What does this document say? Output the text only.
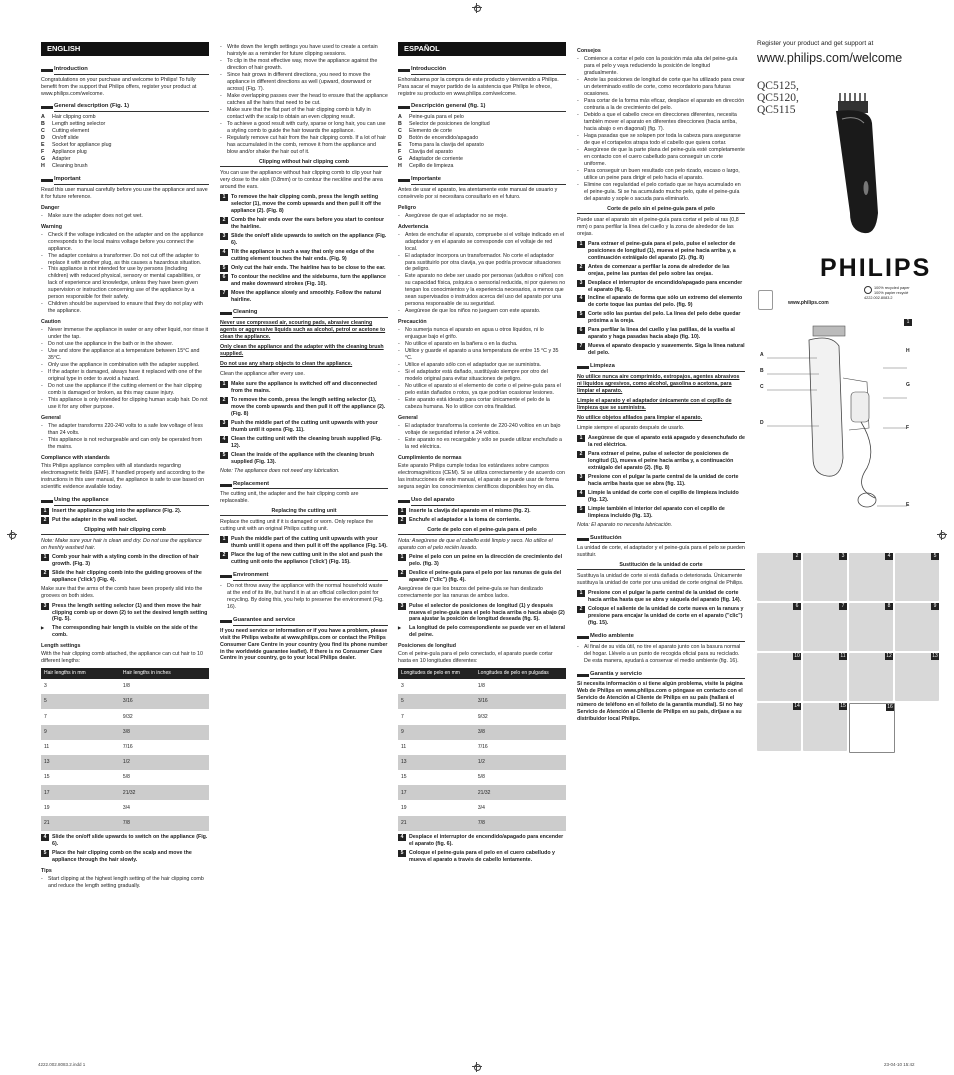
ENGLISH
Introduction
Congratulations on your purchase and welcome to Philips! To fully benefit from the support that Philips offers, register your product at www.philips.com/welcome.
General description (Fig. 1)
A	Hair clipping comb
B	Length setting selector
C	Cutting element
D	On/off slide
E	Socket for appliance plug
F	Appliance plug
G	Adapter
H	Cleaning brush
Important
Read this user manual carefully before you use the appliance and save it for future reference.
Danger
- Make sure the adapter does not get wet.
Warning
- Check if the voltage indicated on the adapter and on the appliance corresponds to the local mains voltage before you connect the appliance.
- The adapter contains a transformer. Do not cut off the adapter to replace it with another plug, as this causes a hazardous situation.
- This appliance is not intended for use by persons (including children) with reduced physical, sensory or mental capabilities, or lack of experience and knowledge, unless they have been given supervision or instruction concerning use of the appliance by a person responsible for their safety.
- Children should be supervised to ensure that they do not play with the appliance.
Caution
- Never immerse the appliance in water or any other liquid, nor rinse it under the tap.
- Do not use the appliance in the bath or in the shower.
- Use and store the appliance at a temperature between 15°C and 35°C.
- Only use the appliance in combination with the adapter supplied.
- If the adapter is damaged, always have it replaced with one of the original type in order to avoid a hazard.
- Do not use the appliance if the cutting element or the hair clipping comb is damaged or broken, as this may cause injury.
- This appliance is only intended for clipping human scalp hair. Do not use it for any other purpose.
General
- The adapter transforms 220-240 volts to a safe low voltage of less than 24 volts.
- This appliance is not rechargeable and can only be operated from the mains.
Compliance with standards
This Philips appliance complies with all standards regarding electromagnetic fields (EMF). If handled properly and according to the instructions in this user manual, the appliance is safe to use based on scientific evidence available today.
Using the appliance
1	Insert the appliance plug into the appliance (Fig. 2).
2	Put the adapter in the wall socket.
Clipping with hair clipping comb
Note: Make sure your hair is clean and dry. Do not use the appliance on freshly washed hair.
1	Comb your hair with a styling comb in the direction of hair growth. (Fig. 3)
2	Slide the hair clipping comb into the guiding grooves of the appliance ('click') (Fig. 4).
Make sure that the arms of the comb have been properly slid into the grooves on both sides.
3	Press the length setting selector (1) and then move the hair clipping comb up or down (2) to set the desired length setting (Fig. 5).
▶	The corresponding hair length is visible on the side of the comb.
Length settings
With the hair clipping comb attached, the appliance can cut hair to 10 different lengths:
Hair lengths in mm	Hair lengths in inches
3	1/8
5	3/16
7	9/32
9	3/8
11	7/16
13	1/2
15	5/8
17	21/32
19	3/4
21	7/8
4	Slide the on/off slide upwards to switch on the appliance (Fig. 6).
5	Place the hair clipping comb on the scalp and move the appliance through the hair slowly.
Tips
- Start clipping at the highest length setting of the hair clipping comb and reduce the length setting gradually.
- Write down the length settings you have used to create a certain hairstyle as a reminder for future clipping sessions.
- To clip in the most effective way, move the appliance against the direction of hair growth.
- Since hair grows in different directions, you need to move the appliance in different directions as well (upward, downward or across) (Fig. 7).
- Make overlapping passes over the head to ensure that the appliance catches all the hairs that need to be cut.
- Make sure that the flat part of the hair clipping comb is fully in contact with the scalp to obtain an even clipping result.
- To achieve a good result with curly, sparse or long hair, you can use a styling comb to guide the hair towards the appliance.
- Regularly remove cut hair from the hair clipping comb. If a lot of hair has accumulated in the comb, remove it from the appliance and blow and/or shake the hair out of it.
Clipping without hair clipping comb
You can use the appliance without hair clipping comb to clip your hair very close to the skin (0.8mm) or to contour the neckline and the area around the ears.
1	To remove the hair clipping comb, press the length setting selector (1), move the comb upwards and then pull it off the appliance (2). (Fig. 8)
2	Comb the hair ends over the ears before you start to contour the hairline.
3	Slide the on/off slide upwards to switch on the appliance (Fig. 6).
4	Tilt the appliance in such a way that only one edge of the cutting element touches the hair ends. (Fig. 9)
5	Only cut the hair ends. The hairline has to be close to the ear.
6	To contour the neckline and the sideburns, turn the appliance and make downward strokes (Fig. 10).
7	Move the appliance slowly and smoothly. Follow the natural hairline.
Cleaning
Never use compressed air, scouring pads, abrasive cleaning agents or aggressive liquids such as alcohol, petrol or acetone to clean the appliance.
Only clean the appliance and the adapter with the cleaning brush supplied.
Do not use any sharp objects to clean the appliance.
Clean the appliance after every use.
1	Make sure the appliance is switched off and disconnected from the mains.
2	To remove the comb, press the length setting selector (1), move the comb upwards and then pull it off the appliance (2). (Fig. 8)
3	Push the middle part of the cutting unit upwards with your thumb until it opens (Fig. 11).
4	Clean the cutting unit with the cleaning brush supplied (Fig. 12).
5	Clean the inside of the appliance with the cleaning brush supplied (Fig. 13).
Note: The appliance does not need any lubrication.
Replacement
The cutting unit, the adapter and the hair clipping comb are replaceable.
Replacing the cutting unit
Replace the cutting unit if it is damaged or worn. Only replace the cutting unit with an original Philips cutting unit.
1	Push the middle part of the cutting unit upwards with your thumb until it opens and then pull it off the appliance (Fig. 14).
2	Place the lug of the new cutting unit in the slot and push the cutting unit onto the appliance ('click') (Fig. 15).
Environment
- Do not throw away the appliance with the normal household waste at the end of its life, but hand it in at an official collection point for recycling. By doing this, you help to preserve the environment (Fig. 16).
Guarantee and service
If you need service or information or if you have a problem, please visit the Philips website at www.philips.com or contact the Philips Consumer Care Centre in your country (you find its phone number in the worldwide guarantee leaflet). If there is no Consumer Care Centre in your country, go to your local Philips dealer.
ESPAÑOL
Introducción
Enhorabuena por la compra de este producto y bienvenido a Philips. Para sacar el mayor partido de la asistencia que Philips le ofrece, registre su producto en www.philips.com/welcome.
Descripción general (fig. 1)
A	Peine-guía para el pelo
B	Selector de posiciones de longitud
C	Elemento de corte
D	Botón de encendido/apagado
E	Toma para la clavija del aparato
F	Clavija del aparato
G	Adaptador de corriente
H	Cepillo de limpieza
Importante
Antes de usar el aparato, lea atentamente este manual de usuario y consérvelo por si necesitara consultarlo en el futuro.
Peligro
- Asegúrese de que el adaptador no se moje.
Advertencia
- Antes de enchufar el aparato, compruebe si el voltaje indicado en el adaptador y en el aparato se corresponde con el voltaje de red local.
- El adaptador incorpora un transformador. No corte el adaptador para sustituirlo por otra clavija, ya que podría provocar situaciones de peligro.
- Este aparato no debe ser usado por personas (adultos o niños) con su capacidad física, psíquica o sensorial reducida, ni por quienes no tengan los conocimientos y la experiencia necesarios, a menos que sean supervisados o instruidos acerca del uso del aparato por una persona responsable de su seguridad.
- Asegúrese de que los niños no jueguen con este aparato.
Precaución
- No sumerja nunca el aparato en agua u otros líquidos, ni lo enjuague bajo el grifo.
- No utilice el aparato en la bañera o en la ducha.
- Utilice y guarde el aparato a una temperatura de entre 15 °C y 35 °C.
- Utilice el aparato sólo con el adaptador que se suministra.
- Si el adaptador está dañado, sustitúyalo siempre por otro del modelo original para evitar situaciones de peligro.
- No utilice el aparato si el elemento de corte o el peine-guía para el pelo están dañados o rotos, ya que podrían ocasionar lesiones.
- Este aparato está ideado para cortar únicamente el pelo de la cabeza humana. No lo utilice con otra finalidad.
General
- El adaptador transforma la corriente de 220-240 voltios en un bajo voltaje de seguridad inferior a 24 voltios.
- Este aparato no es recargable y sólo se puede utilizar enchufado a la red eléctrica.
Cumplimiento de normas
Este aparato Philips cumple todas los estándares sobre campos electromagnéticos (CEM). Si se utiliza correctamente y de acuerdo con las instrucciones de este manual, el aparato se puede usar de forma segura según los conocimientos científicos disponibles hoy en día.
Uso del aparato
1	Inserte la clavija del aparato en el mismo (fig. 2).
2	Enchufe el adaptador a la toma de corriente.
Corte de pelo con el peine-guía para el pelo
Nota: Asegúrese de que el cabello esté limpio y seco. No utilice el aparato con el pelo recién lavado.
1	Peine el pelo con un peine en la dirección de crecimiento del pelo. (fig. 3)
2	Deslice el peine-guía para el pelo por las ranuras de guía del aparato ("clic") (fig. 4).
Asegúrese de que los brazos del peine-guía se han deslizado correctamente por las ranuras de ambos lados.
3	Pulse el selector de posiciones de longitud (1) y después mueva el peine-guía para el pelo hacia arriba o hacia abajo (2) para ajustar la posición de longitud deseada (fig. 5).
▶	La longitud de pelo correspondiente se puede ver en el lateral del peine.
Posiciones de longitud
Con el peine-guía para el pelo conectado, el aparato puede cortar hasta en 10 longitudes diferentes:
Longitudes de pelo en mm	Longitudes de pelo en pulgadas
3	1/8
5	3/16
7	9/32
9	3/8
11	7/16
13	1/2
15	5/8
17	21/32
19	3/4
21	7/8
4	Desplace el interruptor de encendido/apagado para encender el aparato (fig. 6).
5	Coloque el peine-guía para el pelo en el cuero cabelludo y mueva el aparato a través de cabello lentamente.
Consejos
- Comience a cortar el pelo con la posición más alta del peine-guía para el pelo y vaya reduciendo la posición de longitud gradualmente.
- Anote las posiciones de longitud de corte que ha utilizado para crear un determinado estilo de corte, como recordatorio para futuras ocasiones.
- Para cortar de la forma más eficaz, desplace el aparato en dirección contraria a la de crecimiento del pelo.
- Debido a que el cabello crece en direcciones diferentes, necesita también mover el aparato en diferentes direcciones (hacia arriba, hacia abajo o en diagonal) (fig. 7).
- Haga pasadas que se solapen por toda la cabeza para asegurarse de que el cortapelos atrapa todo el cabello que quiera cortar.
- Asegúrese de que la parte plana del peine-guía esté completamente en contacto con el cuero cabelludo para conseguir un corte uniforme.
- Para conseguir un buen resultado con pelo rizado, escaso o largo, utilice un peine para dirigir el pelo hacia el aparato.
- Elimine con regularidad el pelo cortado que se haya acumulado en el peine-guía. Si se ha acumulado mucho pelo, quite el peine-guía del aparato y sople o sacuda para eliminarlo.
Corte de pelo sin el peine-guía para el pelo
Puede usar el aparato sin el peine-guía para cortar el pelo al ras (0,8 mm) o para perfilar la línea del cuello y la zona de alrededor de las orejas.
1	Para extraer el peine-guía para el pelo, pulse el selector de posiciones de longitud (1), mueva el peine hacia arriba y, a continuación extráigalo del aparato (2). (fig. 8)
2	Antes de comenzar a perfilar la zona de alrededor de las orejas, peine las puntas del pelo sobre las orejas.
3	Desplace el interruptor de encendido/apagado para encender el aparato (fig. 6).
4	Incline el aparato de forma que sólo un extremo del elemento de corte toque las puntas del pelo. (fig. 9)
5	Corte sólo las puntas del pelo. La línea del pelo debe quedar próxima a la oreja.
6	Para perfilar la línea del cuello y las patillas, dé la vuelta al aparato y haga pasadas hacia abajo (fig. 10).
7	Mueva el aparato despacio y suavemente. Siga la línea natural del pelo.
Limpieza
No utilice nunca aire comprimido, estropajos, agentes abrasivos ni líquidos agresivos, como alcohol, gasolina o acetona, para limpiar el aparato.
Limpie el aparato y el adaptador únicamente con el cepillo de limpieza que se suministra.
No utilice objetos afilados para limpiar el aparato.
Limpie siempre el aparato después de usarlo.
1	Asegúrese de que el aparato está apagado y desenchufado de la red eléctrica.
2	Para extraer el peine, pulse el selector de posiciones de longitud (1), mueva el peine hacia arriba y, a continuación extráigalo del aparato (2). (fig. 8)
3	Presione con el pulgar la parte central de la unidad de corte hacia arriba hasta que se abra (fig. 11).
4	Limpie la unidad de corte con el cepillo de limpieza incluido (fig. 12).
5	Limpie también el interior del aparato con el cepillo de limpieza incluido (fig. 13).
Nota: El aparato no necesita lubricación.
Sustitución
La unidad de corte, el adaptador y el peine-guía para el pelo se pueden sustituir.
Sustitución de la unidad de corte
Sustituya la unidad de corte si está dañada o deteriorada. Únicamente sustituya la unidad de corte por una unidad de corte original de Philips.
1	Presione con el pulgar la parte central de la unidad de corte hacia arriba hasta que se abra y sáquela del aparato (fig. 14).
2	Coloque el saliente de la unidad de corte nueva en la ranura y presione para encajar la unidad de corte en el aparato ("clic") (fig. 15).
Medio ambiente
- Al final de su vida útil, no tire el aparato junto con la basura normal del hogar. Llévelo a un punto de recogida oficial para su reciclado. De esta manera, ayudará a conservar el medio ambiente (fig. 16).
Garantía y servicio
Si necesita información o si tiene algún problema, visite la página Web de Philips en www.philips.com o póngase en contacto con el Servicio de Atención al Cliente de Philips en su país (hallará el número de teléfono en el folleto de la garantía mundial). Si no hay Servicio de Atención al Cliente de Philips en su país, diríjase a su distribuidor local Philips.
Register your product and get support at
www.philips.com/welcome
QC5125,
QC5120,
QC5115
PHILIPS
www.philips.com
100% recycled paper
100% papier recyclé
4222.002.8083.2
1
A
B
C
D
E
F
G
H
2	3	4	5
6	7	8	9
10	11	12	13
14	15	16
4222.002.8083.2.indd 1	23-04-10 15:42
